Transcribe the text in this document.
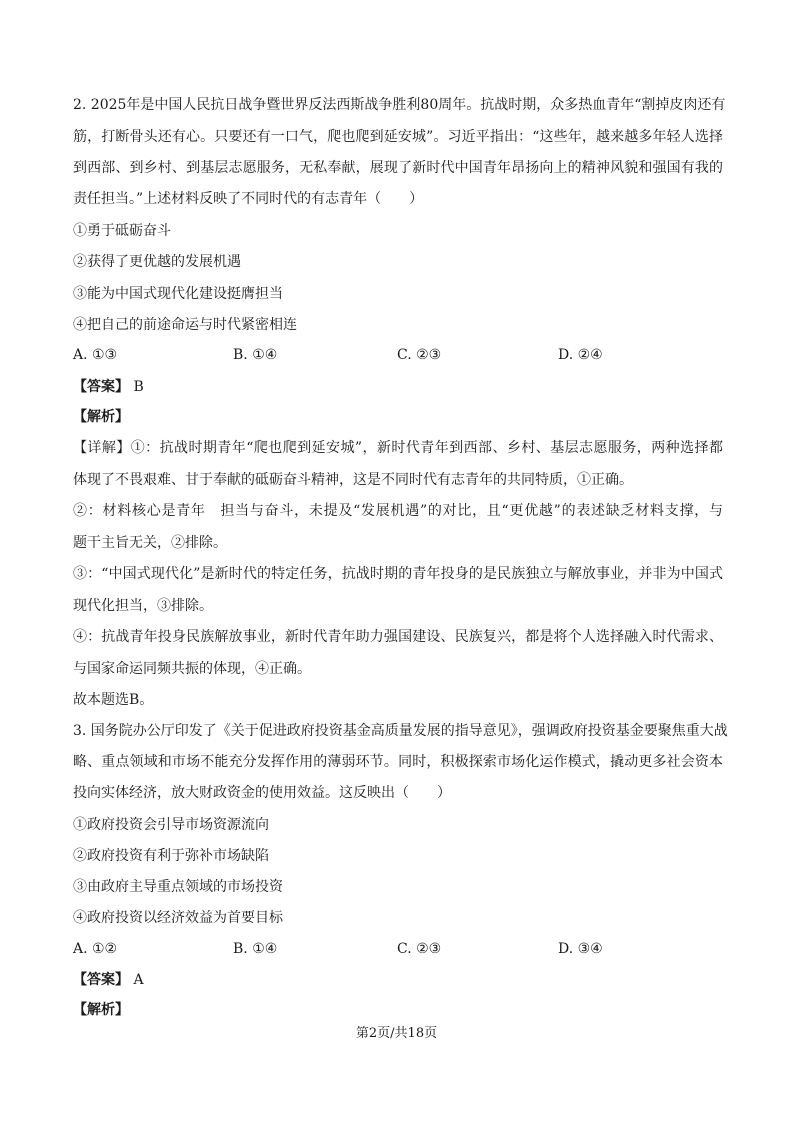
2. 2025年是中国人民抗日战争暨世界反法西斯战争胜利80周年。抗战时期，众多热血青年“割掉皮肉还有
筋，打断骨头还有心。只要还有一口气，爬也爬到延安城”。习近平指出：“这些年，越来越多年轻人选择
到西部、到乡村、到基层志愿服务，无私奉献，展现了新时代中国青年昂扬向上的精神风貌和强国有我的
责任担当。”上述材料反映了不同时代的有志青年（　　）
①勇于砥砺奋斗
②获得了更优越的发展机遇
③能为中国式现代化建设挺膺担当
④把自己的前途命运与时代紧密相连
A. ①③	B. ①④	C. ②③	D. ②④
【答案】 B
【解析】
【详解】①：抗战时期青年“爬也爬到延安城”，新时代青年到西部、乡村、基层志愿服务，两种选择都
体现了不畏艰难、甘于奉献的砥砺奋斗精神，这是不同时代有志青年的共同特质，①正确。
②：材料核心是青年　担当与奋斗，未提及“发展机遇”的对比，且“更优越”的表述缺乏材料支撑，与
题干主旨无关，②排除。
③：“中国式现代化”是新时代的特定任务，抗战时期的青年投身的是民族独立与解放事业，并非为中国式
现代化担当，③排除。
④：抗战青年投身民族解放事业，新时代青年助力强国建设、民族复兴，都是将个人选择融入时代需求、
与国家命运同频共振的体现，④正确。
故本题选B。
3. 国务院办公厅印发了《关于促进政府投资基金高质量发展的指导意见》，强调政府投资基金要聚焦重大战
略、重点领域和市场不能充分发挥作用的薄弱环节。同时，积极探索市场化运作模式，撬动更多社会资本
投向实体经济，放大财政资金的使用效益。这反映出（　　）
①政府投资会引导市场资源流向
②政府投资有利于弥补市场缺陷
③由政府主导重点领域的市场投资
④政府投资以经济效益为首要目标
A. ①②	B. ①④	C. ②③	D. ③④
【答案】 A
【解析】
第2页/共18页
